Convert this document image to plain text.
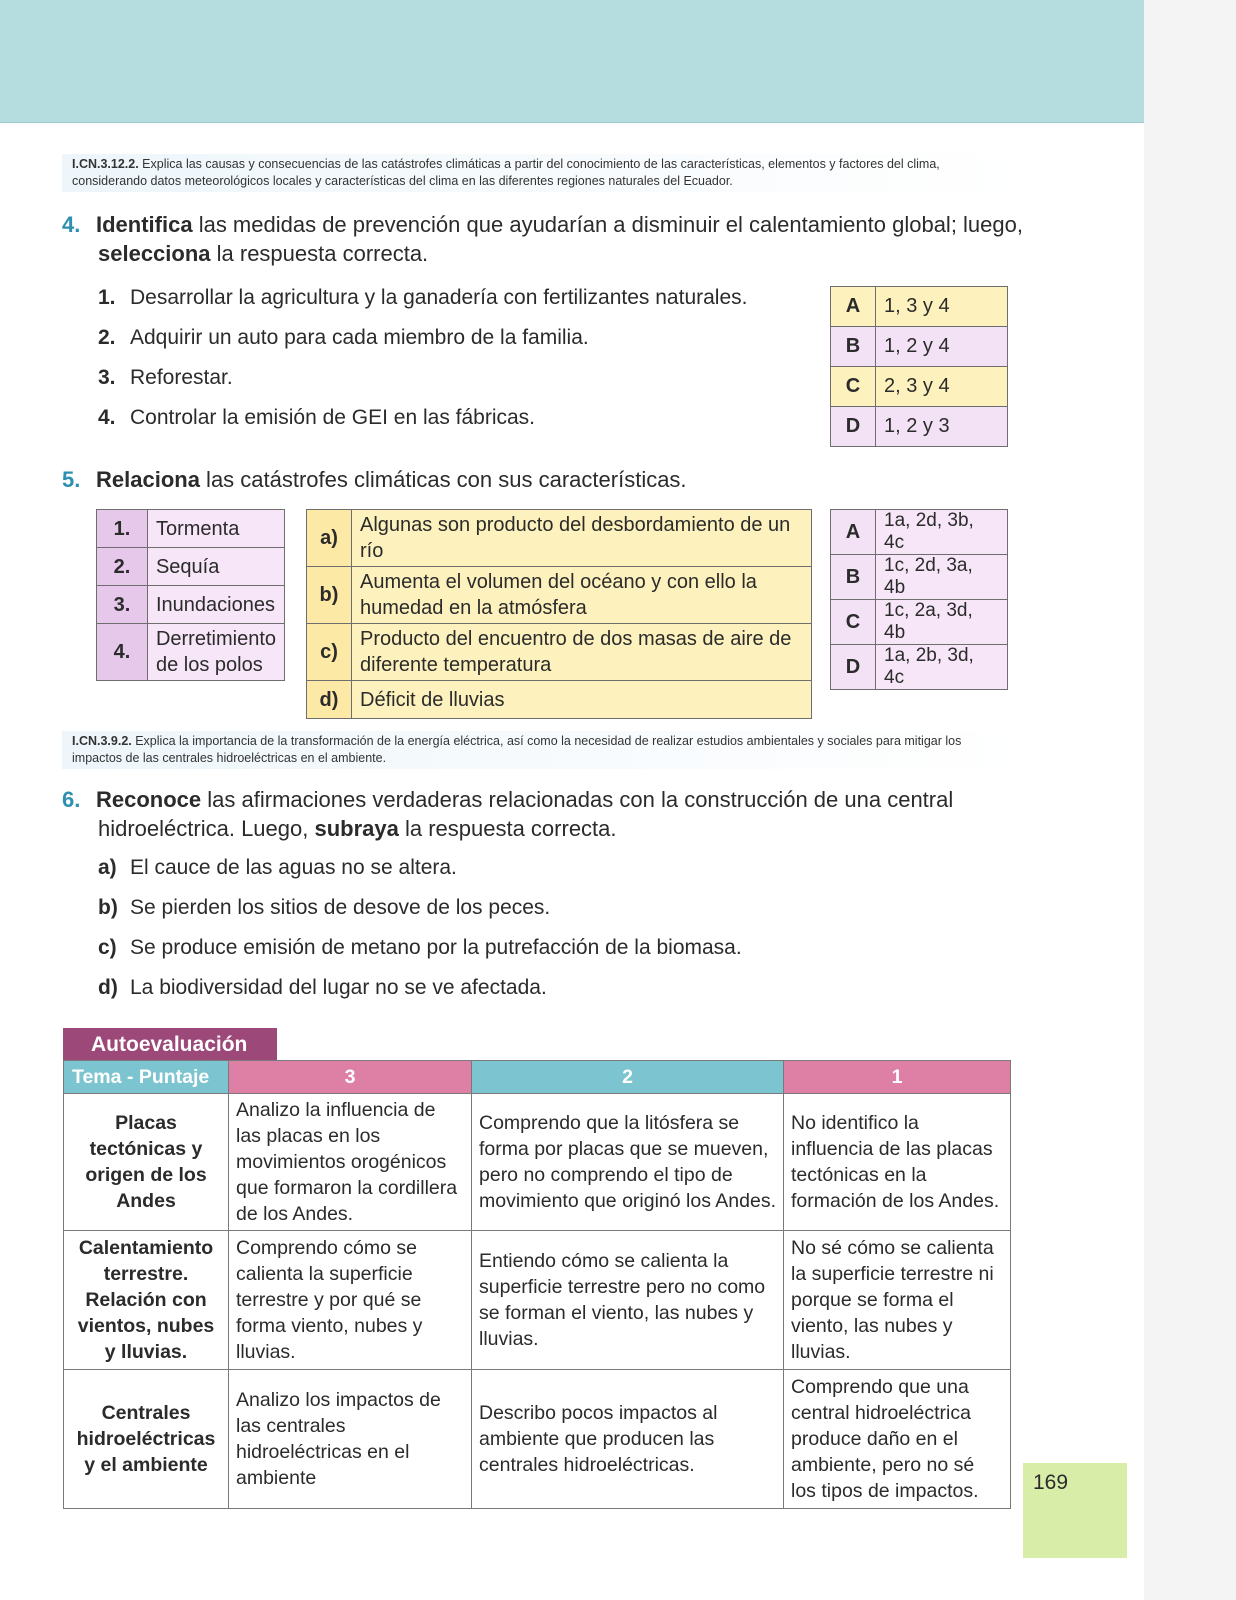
I.CN.3.12.2. Explica las causas y consecuencias de las catástrofes climáticas a partir del conocimiento de las características, elementos y factores del clima, considerando datos meteorológicos locales y características del clima en las diferentes regiones naturales del Ecuador.
4. Identifica las medidas de prevención que ayudarían a disminuir el calentamiento global; luego,
selecciona la respuesta correcta.
1. Desarrollar la agricultura y la ganadería con fertilizantes naturales.
2. Adquirir un auto para cada miembro de la familia.
3. Reforestar.
4. Controlar la emisión de GEI en las fábricas.
A	1, 3 y 4
B	1, 2 y 4
C	2, 3 y 4
D	1, 2 y 3
5. Relaciona las catástrofes climáticas con sus características.
1.	Tormenta
2.	Sequía
3.	Inundaciones
4.	Derretimiento de los polos
a)	Algunas son producto del desbordamiento de un río
b)	Aumenta el volumen del océano y con ello la humedad en la atmósfera
c)	Producto del encuentro de dos masas de aire de diferente temperatura
d)	Déficit de lluvias
A	1a, 2d, 3b, 4c
B	1c, 2d, 3a, 4b
C	1c, 2a, 3d, 4b
D	1a, 2b, 3d, 4c
I.CN.3.9.2. Explica la importancia de la transformación de la energía eléctrica, así como la necesidad de realizar estudios ambientales y sociales para mitigar los impactos de las centrales hidroeléctricas en el ambiente.
6. Reconoce las afirmaciones verdaderas relacionadas con la construcción de una central
hidroeléctrica. Luego, subraya la respuesta correcta.
a) El cauce de las aguas no se altera.
b) Se pierden los sitios de desove de los peces.
c) Se produce emisión de metano por la putrefacción de la biomasa.
d) La biodiversidad del lugar no se ve afectada.
Autoevaluación
Tema - Puntaje	3	2	1
Placas tectónicas y origen de los Andes	Analizo la influencia de las placas en los movimientos orogénicos que formaron la cordillera de los Andes.	Comprendo que la litósfera se forma por placas que se mueven, pero no comprendo el tipo de movimiento que originó los Andes.	No identifico la influencia de las placas tectónicas en la formación de los Andes.
Calentamiento terrestre. Relación con vientos, nubes y lluvias.	Comprendo cómo se calienta la superficie terrestre y por qué se forma viento, nubes y lluvias.	Entiendo cómo se calienta la superficie terrestre pero no como se forman el viento, las nubes y lluvias.	No sé cómo se calienta la superficie terrestre ni porque se forma el viento, las nubes y lluvias.
Centrales hidroeléctricas y el ambiente	Analizo los impactos de las centrales hidroeléctricas en el ambiente	Describo pocos impactos al ambiente que producen las centrales hidroeléctricas.	Comprendo que una central hidroeléctrica produce daño en el ambiente, pero no sé los tipos de impactos.	169
